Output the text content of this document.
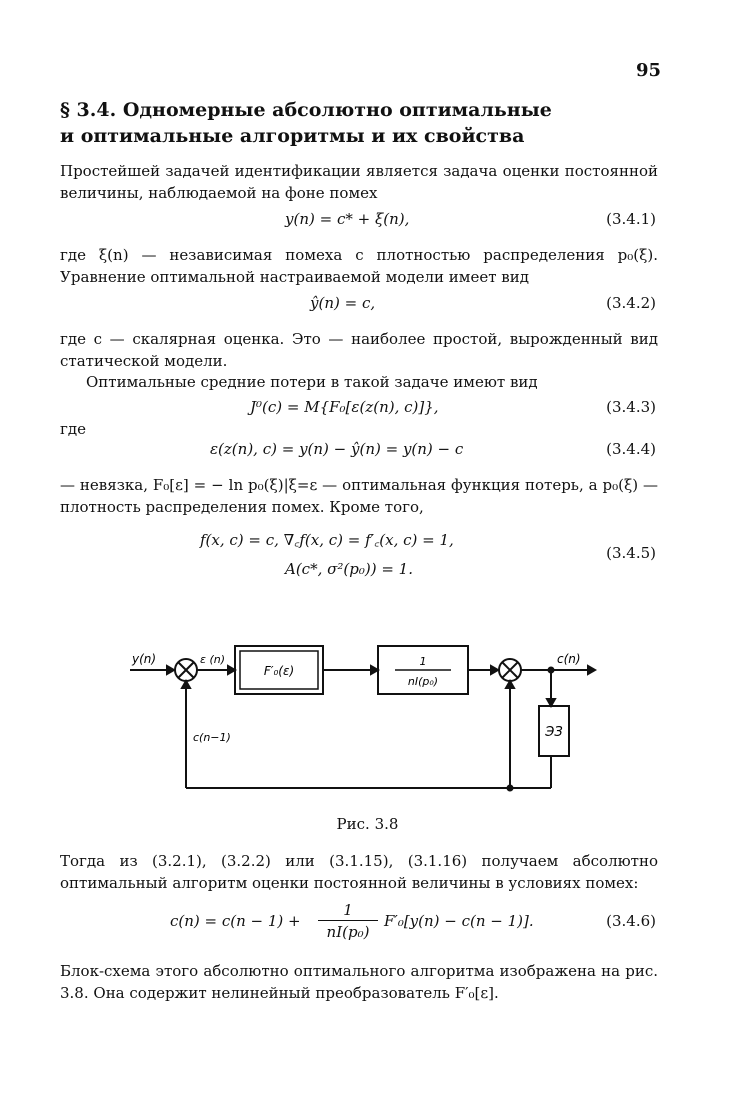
95
§ 3.4. Одномерные абсолютно оптимальные
и оптимальные алгоритмы и их свойства
Простейшей задачей идентификации является задача оценки постоянной величины, наблюдаемой на фоне помех
y(n) = c* + ξ(n),	(3.4.1)
где ξ(n) — независимая помеха с плотностью распределения p₀(ξ). Уравнение оптимальной настраиваемой модели имеет вид
ŷ(n) = c,	(3.4.2)
где c — скалярная оценка. Это — наиболее простой, вырожденный вид статической модели.
Оптимальные средние потери в такой задаче имеют вид
J⁰(c) = M{F₀[ε(z(n), c)]},	(3.4.3)
где
ε(z(n), c) = y(n) − ŷ(n) = y(n) − c	(3.4.4)
— невязка, F₀[ε] = − ln p₀(ξ)|ξ=ε — оптимальная функция потерь, а p₀(ξ) — плотность распределения помех. Кроме того,
f(x, c) = c, ∇꜀f(x, c) = f′꜀(x, c) = 1,
A(c*, σ²(p₀)) = 1.
(3.4.5)
y(n)	ε (n)
F′₀(ε)
1
nI(p₀)
c(n)
ЭЗ
c(n−1)
Рис. 3.8
Тогда из (3.2.1), (3.2.2) или (3.1.15), (3.1.16) получаем абсолютно оптимальный алгоритм оценки постоянной величины в условиях помех:
$c(n) = c(n - 1) + \frac{1}{\text{nI(p₀)}} F'_0[y(n) - c(n - 1)]$.	(3.4.6)
Блок-схема этого абсолютно оптимального алгоритма изображена на рис. 3.8. Она содержит нелинейный преобразователь F′₀[ε].
